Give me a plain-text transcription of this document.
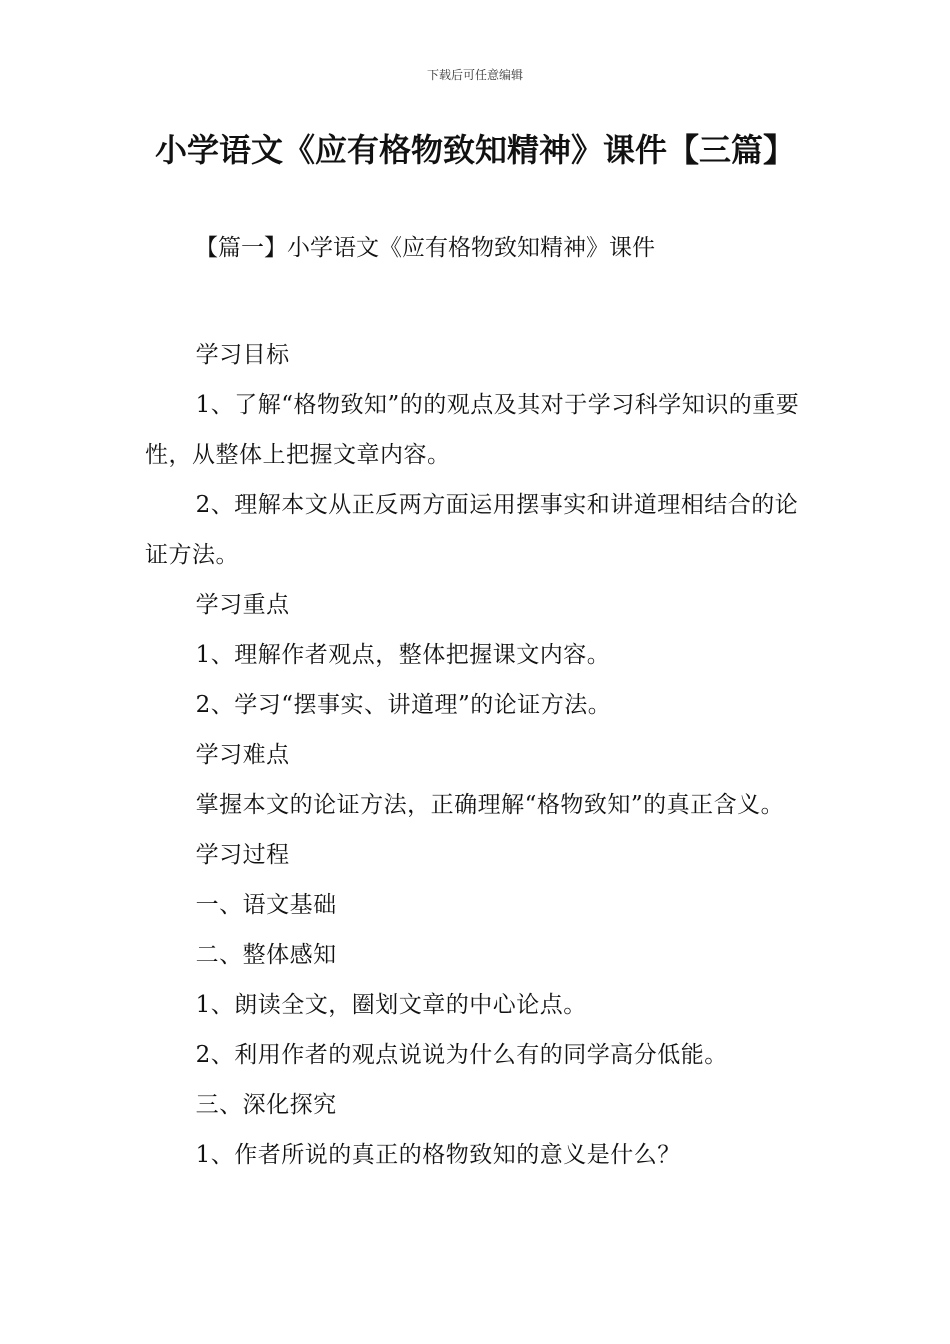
下载后可任意编辑
小学语文《应有格物致知精神》课件【三篇】
【篇一】小学语文《应有格物致知精神》课件

学习目标

1、了解“格物致知”的的观点及其对于学习科学知识的重要性，从整体上把握文章内容。

2、理解本文从正反两方面运用摆事实和讲道理相结合的论证方法。

学习重点

1、理解作者观点，整体把握课文内容。

2、学习“摆事实、讲道理”的论证方法。

学习难点

掌握本文的论证方法，正确理解“格物致知”的真正含义。

学习过程

一、语文基础

二、整体感知

1、朗读全文，圈划文章的中心论点。

2、利用作者的观点说说为什么有的同学高分低能。

三、深化探究

1、作者所说的真正的格物致知的意义是什么？
